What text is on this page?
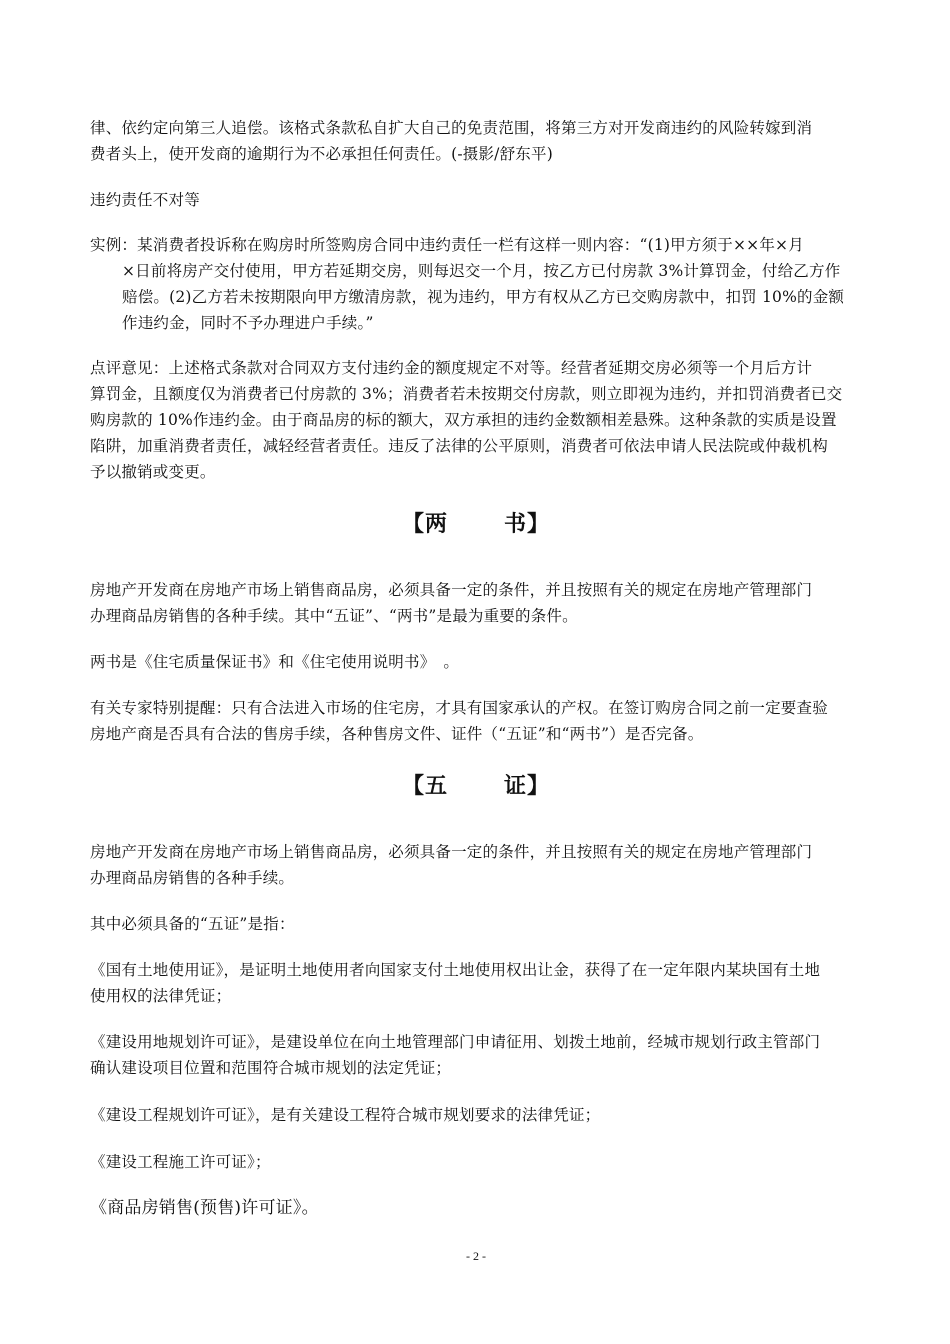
律、依约定向第三人追偿。该格式条款私自扩大自己的免责范围，将第三方对开发商违约的风险转嫁到消

费者头上，使开发商的逾期行为不必承担任何责任。(-摄影/舒东平)

违约责任不对等

实例：某消费者投诉称在购房时所签购房合同中违约责任一栏有这样一则内容：“(1)甲方须于××年×月

×日前将房产交付使用，甲方若延期交房，则每迟交一个月，按乙方已付房款 3%计算罚金，付给乙方作

赔偿。(2)乙方若未按期限向甲方缴清房款，视为违约，甲方有权从乙方已交购房款中，扣罚 10%的金额

作违约金，同时不予办理进户手续。”

点评意见：上述格式条款对合同双方支付违约金的额度规定不对等。经营者延期交房必须等一个月后方计

算罚金，且额度仅为消费者已付房款的 3%；消费者若未按期交付房款，则立即视为违约，并扣罚消费者已交

购房款的 10%作违约金。由于商品房的标的额大，双方承担的违约金数额相差悬殊。这种条款的实质是设置

陷阱，加重消费者责任，减轻经营者责任。违反了法律的公平原则，消费者可依法申请人民法院或仲裁机构

予以撤销或变更。

【两	书】

房地产开发商在房地产市场上销售商品房，必须具备一定的条件，并且按照有关的规定在房地产管理部门

办理商品房销售的各种手续。其中“五证”、“两书”是最为重要的条件。

两书是《住宅质量保证书》和《住宅使用说明书》　。

有关专家特别提醒：只有合法进入市场的住宅房，才具有国家承认的产权。在签订购房合同之前一定要查验

房地产商是否具有合法的售房手续，各种售房文件、证件（“五证”和“两书”）是否完备。

【五	证】

房地产开发商在房地产市场上销售商品房，必须具备一定的条件，并且按照有关的规定在房地产管理部门

办理商品房销售的各种手续。

其中必须具备的“五证”是指：

《国有土地使用证》，是证明土地使用者向国家支付土地使用权出让金，获得了在一定年限内某块国有土地

使用权的法律凭证；

《建设用地规划许可证》，是建设单位在向土地管理部门申请征用、划拨土地前，经城市规划行政主管部门

确认建设项目位置和范围符合城市规划的法定凭证；

《建设工程规划许可证》，是有关建设工程符合城市规划要求的法律凭证；

《建设工程施工许可证》；

《商品房销售(预售)许可证》。

- 2 -
